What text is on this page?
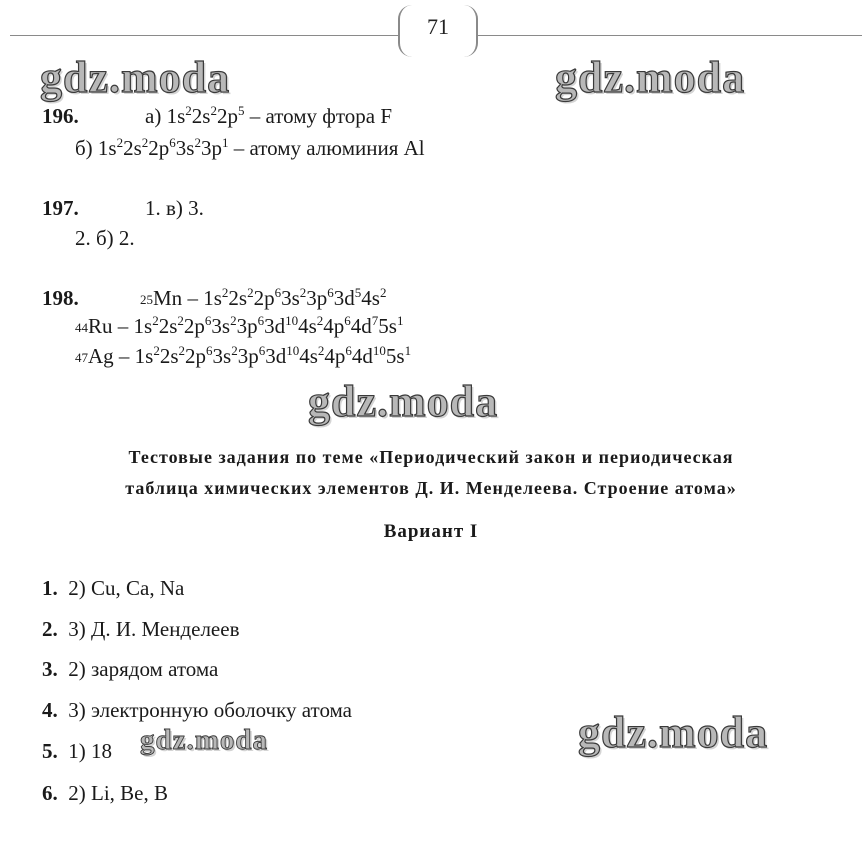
71
gdz.moda	gdz.moda
gdz.moda
gdz.moda
gdz.moda
196.	а) $1s^22s^22p^5$ – атому фтора F
б) $1s^22s^22p^63s^23p^1$ – атому алюминия Al
197.	1. в) 3.
2. б) 2.
198.	$_{25}Mn - 1s^22s^22p^63s^23p^63d^54s^2$
$_{44}Ru - 1s^22s^22p^63s^23p^63d^{10}4s^24p^64d^75s^1$
$_{47}Ag - 1s^22s^22p^63s^23p^63d^{10}4s^24p^64d^{10}5s^1$
Тестовые задания по теме «Периодический закон и периодическая
таблица химических элементов Д. И. Менделеева. Строение атома»
Вариант I
1. 2) Cu, Ca, Na
2. 3) Д. И. Менделеев
3. 2) зарядом атома
4. 3) электронную оболочку атома
5. 1) 18
6. 2) Li, Be, B
